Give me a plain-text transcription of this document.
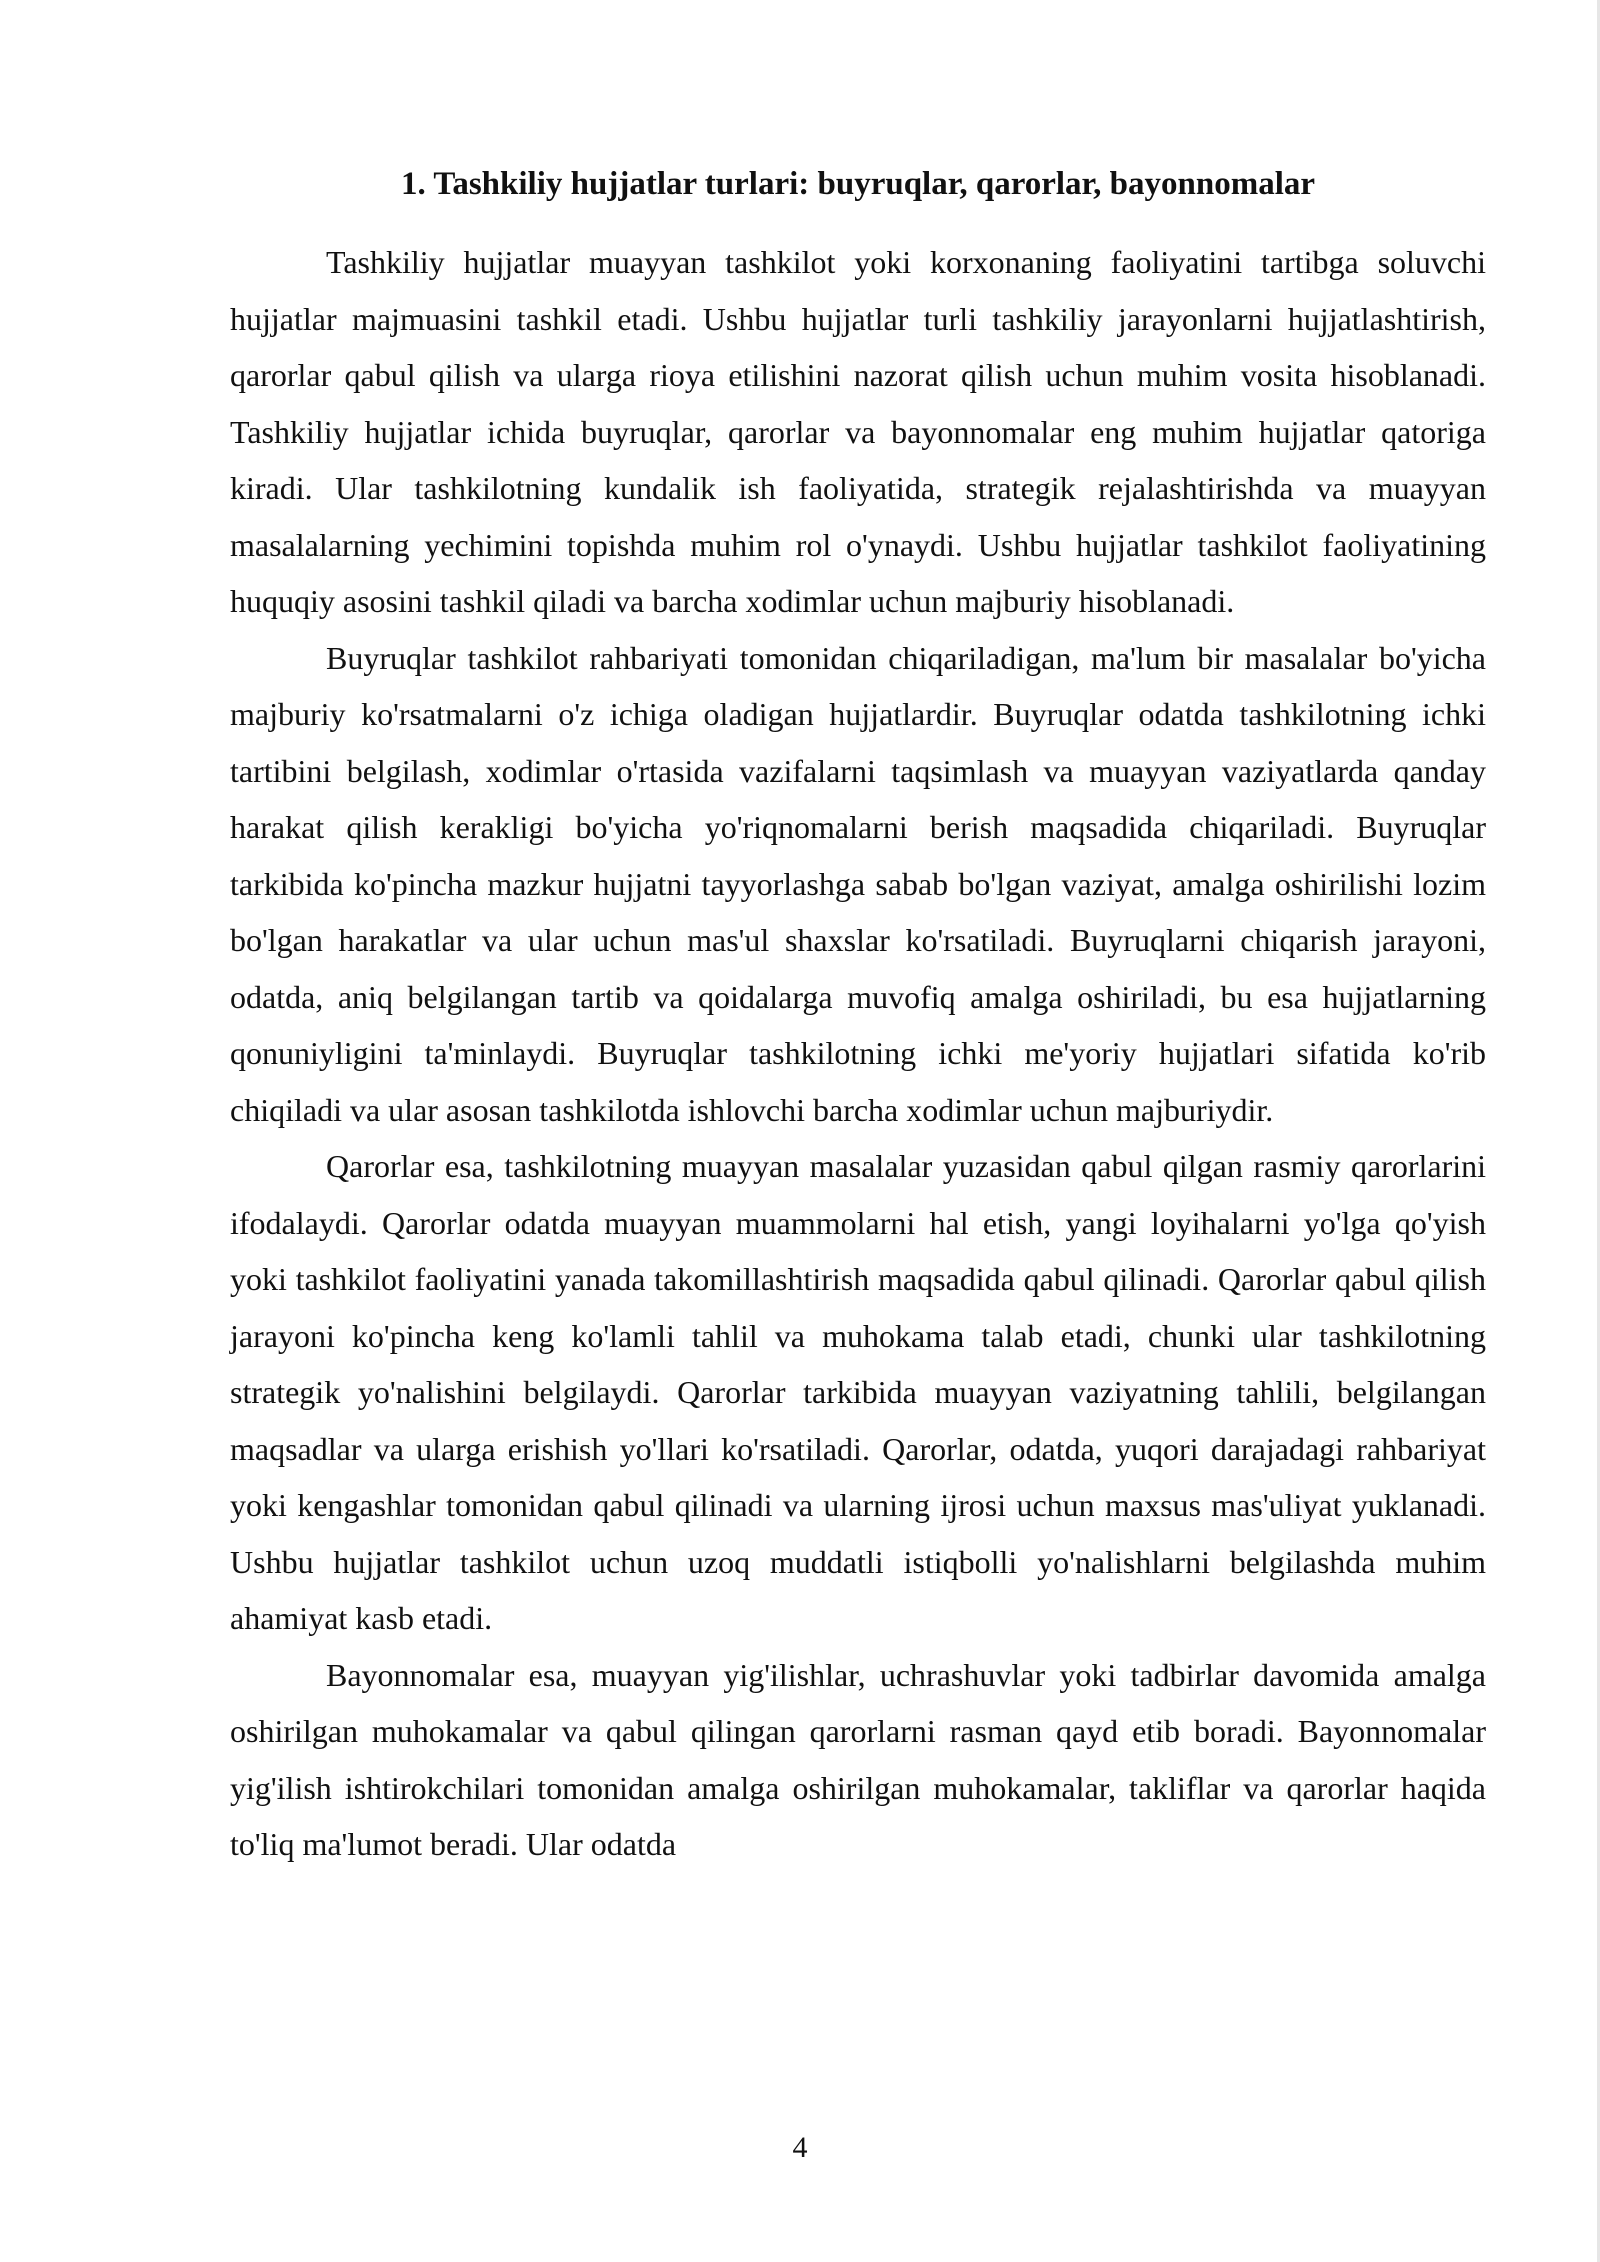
1. Tashkiliy hujjatlar turlari: buyruqlar, qarorlar, bayonnomalar

Tashkiliy hujjatlar muayyan tashkilot yoki korxonaning faoliyatini tartibga soluvchi hujjatlar majmuasini tashkil etadi. Ushbu hujjatlar turli tashkiliy jarayonlarni hujjatlashtirish, qarorlar qabul qilish va ularga rioya etilishini nazorat qilish uchun muhim vosita hisoblanadi. Tashkiliy hujjatlar ichida buyruqlar, qarorlar va bayonnomalar eng muhim hujjatlar qatoriga kiradi. Ular tashkilotning kundalik ish faoliyatida, strategik rejalashtirishda va muayyan masalalarning yechimini topishda muhim rol o'ynaydi. Ushbu hujjatlar tashkilot faoliyatining huquqiy asosini tashkil qiladi va barcha xodimlar uchun majburiy hisoblanadi.

Buyruqlar tashkilot rahbariyati tomonidan chiqariladigan, ma'lum bir masalalar bo'yicha majburiy ko'rsatmalarni o'z ichiga oladigan hujjatlardir. Buyruqlar odatda tashkilotning ichki tartibini belgilash, xodimlar o'rtasida vazifalarni taqsimlash va muayyan vaziyatlarda qanday harakat qilish kerakligi bo'yicha yo'riqnomalarni berish maqsadida chiqariladi. Buyruqlar tarkibida ko'pincha mazkur hujjatni tayyorlashga sabab bo'lgan vaziyat, amalga oshirilishi lozim bo'lgan harakatlar va ular uchun mas'ul shaxslar ko'rsatiladi. Buyruqlarni chiqarish jarayoni, odatda, aniq belgilangan tartib va qoidalarga muvofiq amalga oshiriladi, bu esa hujjatlarning qonuniyligini ta'minlaydi. Buyruqlar tashkilotning ichki me'yoriy hujjatlari sifatida ko'rib chiqiladi va ular asosan tashkilotda ishlovchi barcha xodimlar uchun majburiydir.

Qarorlar esa, tashkilotning muayyan masalalar yuzasidan qabul qilgan rasmiy qarorlarini ifodalaydi. Qarorlar odatda muayyan muammolarni hal etish, yangi loyihalarni yo'lga qo'yish yoki tashkilot faoliyatini yanada takomillashtirish maqsadida qabul qilinadi. Qarorlar qabul qilish jarayoni ko'pincha keng ko'lamli tahlil va muhokama talab etadi, chunki ular tashkilotning strategik yo'nalishini belgilaydi. Qarorlar tarkibida muayyan vaziyatning tahlili, belgilangan maqsadlar va ularga erishish yo'llari ko'rsatiladi. Qarorlar, odatda, yuqori darajadagi rahbariyat yoki kengashlar tomonidan qabul qilinadi va ularning ijrosi uchun maxsus mas'uliyat yuklanadi. Ushbu hujjatlar tashkilot uchun uzoq muddatli istiqbolli yo'nalishlarni belgilashda muhim ahamiyat kasb etadi.

Bayonnomalar esa, muayyan yig'ilishlar, uchrashuvlar yoki tadbirlar davomida amalga oshirilgan muhokamalar va qabul qilingan qarorlarni rasman qayd etib boradi. Bayonnomalar yig'ilish ishtirokchilari tomonidan amalga oshirilgan muhokamalar, takliflar va qarorlar haqida to'liq ma'lumot beradi. Ular odatda

4
